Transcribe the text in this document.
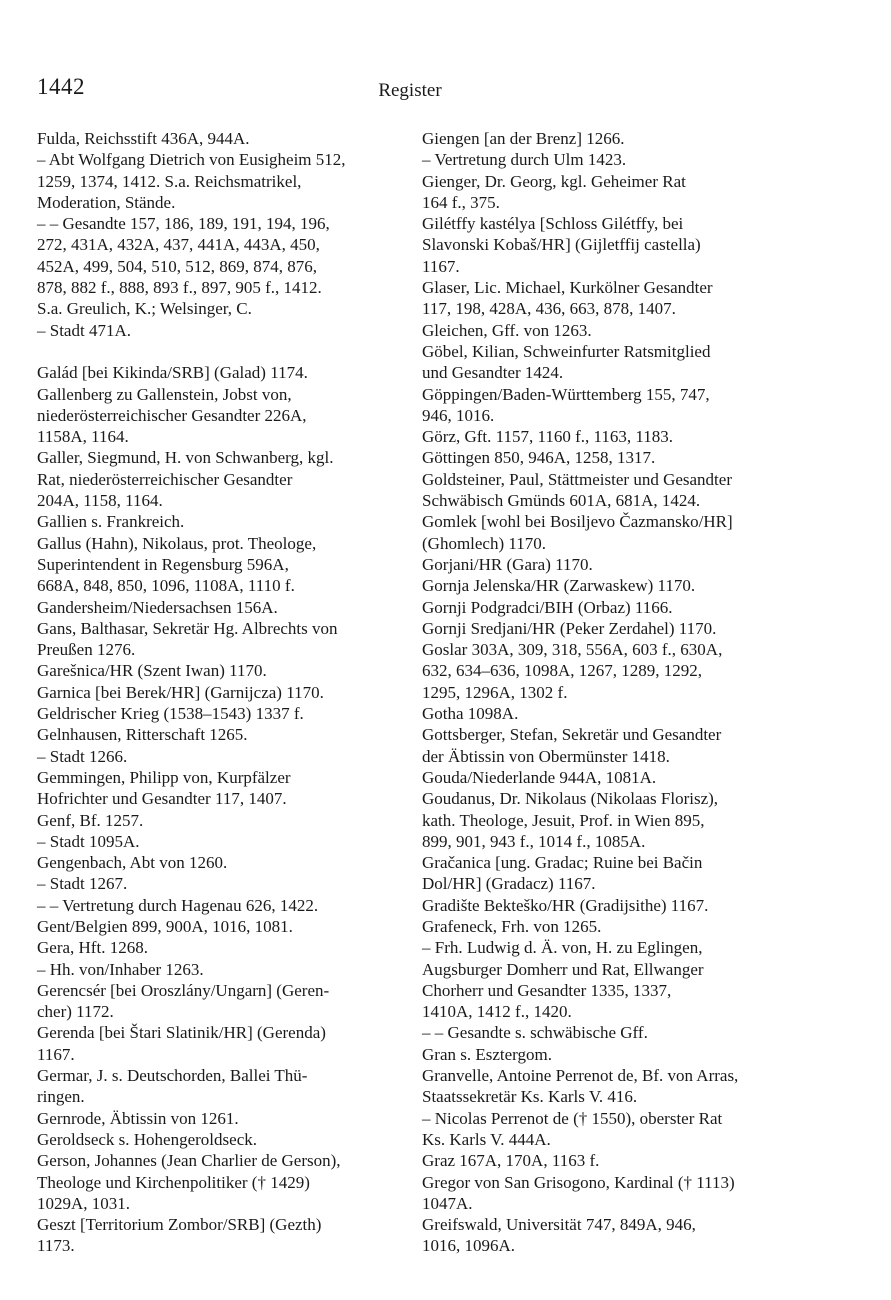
1442	Register
Fulda, Reichsstift 436A, 944A.
– Abt Wolfgang Dietrich von Eusigheim 512,
1259, 1374, 1412. S.a. Reichsmatrikel,
Moderation, Stände.
– – Gesandte 157, 186, 189, 191, 194, 196,
272, 431A, 432A, 437, 441A, 443A, 450,
452A, 499, 504, 510, 512, 869, 874, 876,
878, 882 f., 888, 893 f., 897, 905 f., 1412.
S.a. Greulich, K.; Welsinger, C.
– Stadt 471A.
Galád [bei Kikinda/SRB] (Galad) 1174.
Gallenberg zu Gallenstein, Jobst von,
niederösterreichischer Gesandter 226A,
1158A, 1164.
Galler, Siegmund, H. von Schwanberg, kgl.
Rat, niederösterreichischer Gesandter
204A, 1158, 1164.
Gallien s. Frankreich.
Gallus (Hahn), Nikolaus, prot. Theologe,
Superintendent in Regensburg 596A,
668A, 848, 850, 1096, 1108A, 1110 f.
Gandersheim/Niedersachsen 156A.
Gans, Balthasar, Sekretär Hg. Albrechts von
Preußen 1276.
Garešnica/HR (Szent Iwan) 1170.
Garnica [bei Berek/HR] (Garnijcza) 1170.
Geldrischer Krieg (1538–1543) 1337 f.
Gelnhausen, Ritterschaft 1265.
– Stadt 1266.
Gemmingen, Philipp von, Kurpfälzer
Hofrichter und Gesandter 117, 1407.
Genf, Bf. 1257.
– Stadt 1095A.
Gengenbach, Abt von 1260.
– Stadt 1267.
– – Vertretung durch Hagenau 626, 1422.
Gent/Belgien 899, 900A, 1016, 1081.
Gera, Hft. 1268.
– Hh. von/Inhaber 1263.
Gerencsér [bei Oroszlány/Ungarn] (Geren-
cher) 1172.
Gerenda [bei Štari Slatinik/HR] (Gerenda)
1167.
Germar, J. s. Deutschorden, Ballei Thü-
ringen.
Gernrode, Äbtissin von 1261.
Geroldseck s. Hohengeroldseck.
Gerson, Johannes (Jean Charlier de Gerson),
Theologe und Kirchenpolitiker († 1429)
1029A, 1031.
Geszt [Territorium Zombor/SRB] (Gezth)
1173.
Giengen [an der Brenz] 1266.
– Vertretung durch Ulm 1423.
Gienger, Dr. Georg, kgl. Geheimer Rat
164 f., 375.
Gilétffy kastélya [Schloss Gilétffy, bei
Slavonski Kobaš/HR] (Gijletffij castella)
1167.
Glaser, Lic. Michael, Kurkölner Gesandter
117, 198, 428A, 436, 663, 878, 1407.
Gleichen, Gff. von 1263.
Göbel, Kilian, Schweinfurter Ratsmitglied
und Gesandter 1424.
Göppingen/Baden-Württemberg 155, 747,
946, 1016.
Görz, Gft. 1157, 1160 f., 1163, 1183.
Göttingen 850, 946A, 1258, 1317.
Goldsteiner, Paul, Stättmeister und Gesandter
Schwäbisch Gmünds 601A, 681A, 1424.
Gomlek [wohl bei Bosiljevo Čazmansko/HR]
(Ghomlech) 1170.
Gorjani/HR (Gara) 1170.
Gornja Jelenska/HR (Zarwaskew) 1170.
Gornji Podgradci/BIH (Orbaz) 1166.
Gornji Sredjani/HR (Peker Zerdahel) 1170.
Goslar 303A, 309, 318, 556A, 603 f., 630A,
632, 634–636, 1098A, 1267, 1289, 1292,
1295, 1296A, 1302 f.
Gotha 1098A.
Gottsberger, Stefan, Sekretär und Gesandter
der Äbtissin von Obermünster 1418.
Gouda/Niederlande 944A, 1081A.
Goudanus, Dr. Nikolaus (Nikolaas Florisz),
kath. Theologe, Jesuit, Prof. in Wien 895,
899, 901, 943 f., 1014 f., 1085A.
Gračanica [ung. Gradac; Ruine bei Bačin
Dol/HR] (Gradacz) 1167.
Gradište Bekteško/HR (Gradijsithe) 1167.
Grafeneck, Frh. von 1265.
– Frh. Ludwig d. Ä. von, H. zu Eglingen,
Augsburger Domherr und Rat, Ellwanger
Chorherr und Gesandter 1335, 1337,
1410A, 1412 f., 1420.
– – Gesandte s. schwäbische Gff.
Gran s. Esztergom.
Granvelle, Antoine Perrenot de, Bf. von Arras,
Staatssekretär Ks. Karls V. 416.
– Nicolas Perrenot de († 1550), oberster Rat
Ks. Karls V. 444A.
Graz 167A, 170A, 1163 f.
Gregor von San Grisogono, Kardinal († 1113)
1047A.
Greifswald, Universität 747, 849A, 946,
1016, 1096A.
